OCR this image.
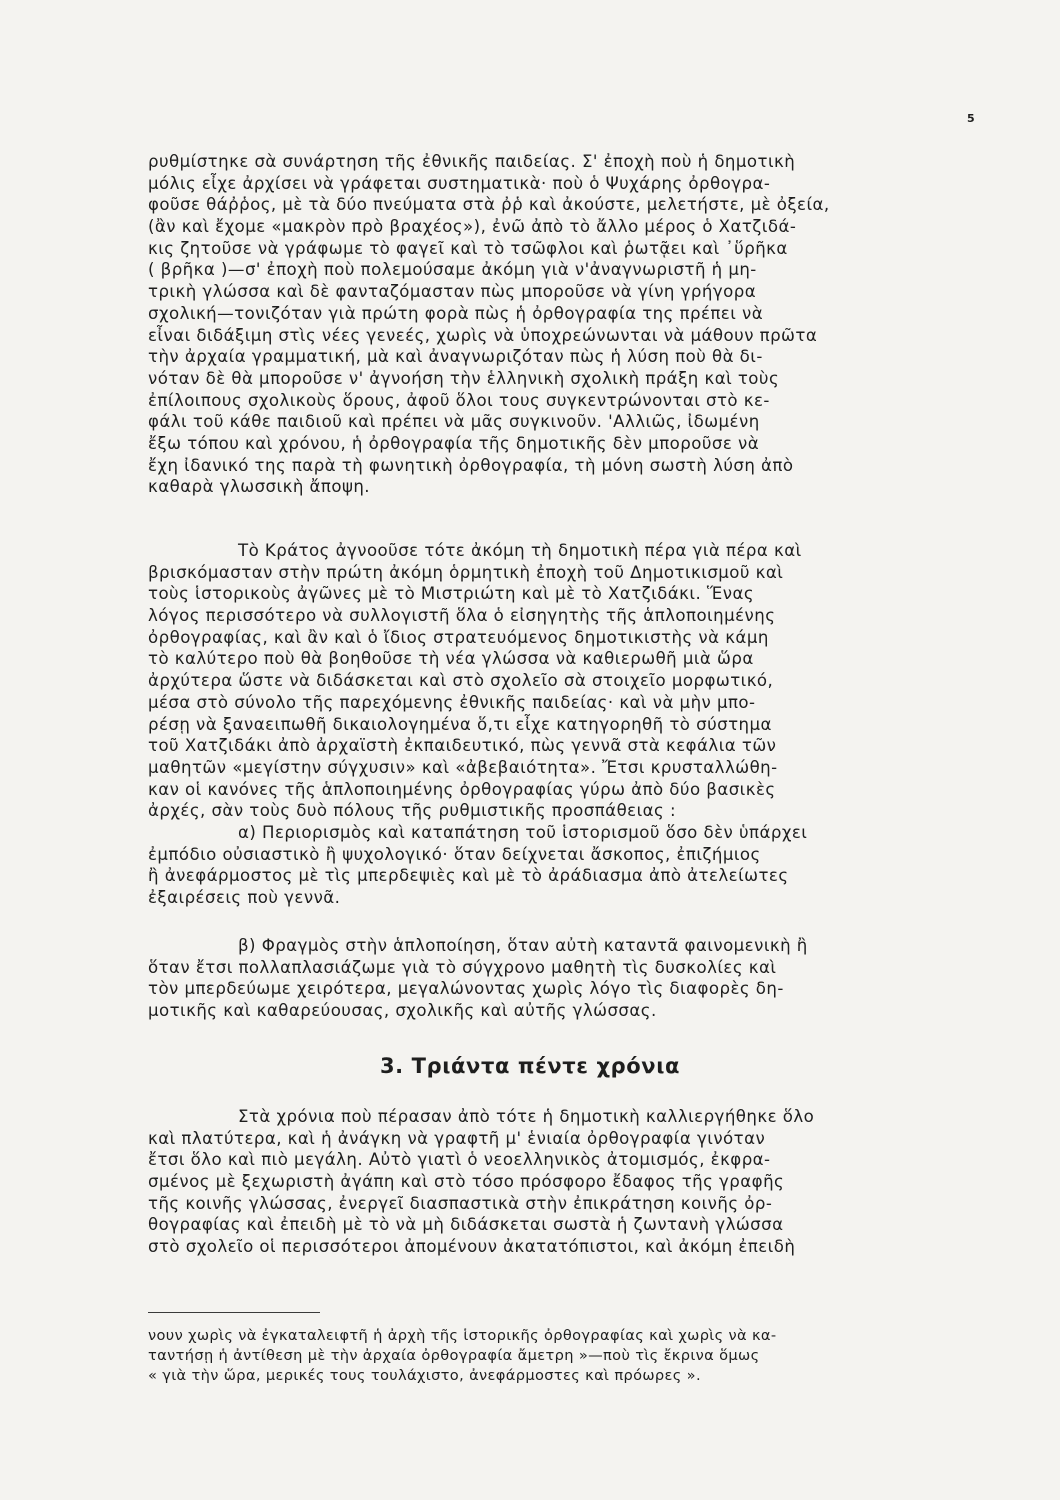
5
ρυθμίστηκε σὰ συνάρτηση τῆς ἐθνικῆς παιδείας. Σ' ἐποχὴ ποὺ ἡ δημοτικὴ
μόλις εἶχε ἀρχίσει νὰ γράφεται συστηματικὰ· ποὺ ὁ Ψυχάρης ὀρθογρα-
φοῦσε θάῤῥος, μὲ τὰ δύο πνεύματα στὰ ῤῥ καὶ ἀκούστε, μελετήστε, μὲ ὀξεία,
(ἂν καὶ ἔχομε «μακρὸν πρὸ βραχέος»), ἐνῶ ἀπὸ τὸ ἄλλο μέρος ὁ Χατζιδά-
κις ζητοῦσε νὰ γράφωμε τὸ φαγεῖ καὶ τὸ τσῶφλοι καὶ ῥωτᾷει καὶ ᾿ὕρῆκα
( βρῆκα )—σ' ἐποχὴ ποὺ πολεμούσαμε ἀκόμη γιὰ ν'ἀναγνωριστῆ ἡ μη-
τρικὴ γλώσσα καὶ δὲ φανταζόμασταν πὼς μποροῦσε νὰ γίνη γρήγορα
σχολική—τονιζόταν γιὰ πρώτη φορὰ πὼς ἡ ὀρθογραφία της πρέπει νὰ
εἶναι διδάξιμη στὶς νέες γενεές, χωρὶς νὰ ὑποχρεώνωνται νὰ μάθουν πρῶτα
τὴν ἀρχαία γραμματική, μὰ καὶ ἀναγνωριζόταν πὼς ἡ λύση ποὺ θὰ δι-
νόταν δὲ θὰ μποροῦσε ν' ἀγνοήση τὴν ἑλληνικὴ σχολικὴ πράξη καὶ τοὺς
ἐπίλοιπους σχολικοὺς ὅρους, ἀφοῦ ὅλοι τους συγκεντρώνονται στὸ κε-
φάλι τοῦ κάθε παιδιοῦ καὶ πρέπει νὰ μᾶς συγκινοῦν. 'Αλλιῶς, ἰδωμένη
ἔξω τόπου καὶ χρόνου, ἡ ὀρθογραφία τῆς δημοτικῆς δὲν μποροῦσε νὰ
ἔχη ἰδανικό της παρὰ τὴ φωνητικὴ ὀρθογραφία, τὴ μόνη σωστὴ λύση ἀπὸ
καθαρὰ γλωσσικὴ ἄποψη.
Τὸ Κράτος ἀγνοοῦσε τότε ἀκόμη τὴ δημοτικὴ πέρα γιὰ πέρα καὶ
βρισκόμασταν στὴν πρώτη ἀκόμη ὁρμητικὴ ἐποχὴ τοῦ Δημοτικισμοῦ καὶ
τοὺς ἱστορικοὺς ἀγῶνες μὲ τὸ Μιστριώτη καὶ μὲ τὸ Χατζιδάκι. Ἕνας
λόγος περισσότερο νὰ συλλογιστῆ ὅλα ὁ εἰσηγητὴς τῆς ἁπλοποιημένης
ὀρθογραφίας, καὶ ἂν καὶ ὁ ἴδιος στρατευόμενος δημοτικιστὴς νὰ κάμη
τὸ καλύτερο ποὺ θὰ βοηθοῦσε τὴ νέα γλώσσα νὰ καθιερωθῆ μιὰ ὥρα
ἀρχύτερα ὥστε νὰ διδάσκεται καὶ στὸ σχολεῖο σὰ στοιχεῖο μορφωτικό,
μέσα στὸ σύνολο τῆς παρεχόμενης ἐθνικῆς παιδείας· καὶ νὰ μὴν μπο-
ρέσῃ νὰ ξαναειπωθῆ δικαιολογημένα ὅ,τι εἶχε κατηγορηθῆ τὸ σύστημα
τοῦ Χατζιδάκι ἀπὸ ἀρχαϊστὴ ἐκπαιδευτικό, πὼς γεννᾶ στὰ κεφάλια τῶν
μαθητῶν «μεγίστην σύγχυσιν» καὶ «ἀβεβαιότητα». Ἔτσι κρυσταλλώθη-
καν οἱ κανόνες τῆς ἁπλοποιημένης ὀρθογραφίας γύρω ἀπὸ δύο βασικὲς
ἀρχές, σὰν τοὺς δυὸ πόλους τῆς ρυθμιστικῆς προσπάθειας :
α) Περιορισμὸς καὶ καταπάτηση τοῦ ἱστορισμοῦ ὅσο δὲν ὑπάρχει
ἐμπόδιο οὐσιαστικὸ ἢ ψυχολογικό· ὅταν δείχνεται ἄσκοπος, ἐπιζήμιος
ἢ ἀνεφάρμοστος μὲ τὶς μπερδεψιὲς καὶ μὲ τὸ ἀράδιασμα ἀπὸ ἀτελείωτες
ἐξαιρέσεις ποὺ γεννᾶ.
β) Φραγμὸς στὴν ἁπλοποίηση, ὅταν αὐτὴ καταντᾶ φαινομενικὴ ἢ
ὅταν ἔτσι πολλαπλασιάζωμε γιὰ τὸ σύγχρονο μαθητὴ τὶς δυσκολίες καὶ
τὸν μπερδεύωμε χειρότερα, μεγαλώνοντας χωρὶς λόγο τὶς διαφορὲς δη-
μοτικῆς καὶ καθαρεύουσας, σχολικῆς καὶ αὐτῆς γλώσσας.
3. Τριάντα πέντε χρόνια
Στὰ χρόνια ποὺ πέρασαν ἀπὸ τότε ἡ δημοτικὴ καλλιεργήθηκε ὅλο
καὶ πλατύτερα, καὶ ἡ ἀνάγκη νὰ γραφτῆ μ' ἑνιαία ὀρθογραφία γινόταν
ἔτσι ὅλο καὶ πιὸ μεγάλη. Αὐτὸ γιατὶ ὁ νεοελληνικὸς ἀτομισμός, ἐκφρα-
σμένος μὲ ξεχωριστὴ ἀγάπη καὶ στὸ τόσο πρόσφορο ἔδαφος τῆς γραφῆς
τῆς κοινῆς γλώσσας, ἐνεργεῖ διασπαστικὰ στὴν ἐπικράτηση κοινῆς ὀρ-
θογραφίας καὶ ἐπειδὴ μὲ τὸ νὰ μὴ διδάσκεται σωστὰ ἡ ζωντανὴ γλώσσα
στὸ σχολεῖο οἱ περισσότεροι ἀπομένουν ἀκατατόπιστοι, καὶ ἀκόμη ἐπειδὴ
νουν χωρὶς νὰ ἐγκαταλειφτῆ ἡ ἀρχὴ τῆς ἱστορικῆς ὀρθογραφίας καὶ χωρὶς νὰ κα-
ταντήσῃ ἡ ἀντίθεση μὲ τὴν ἀρχαία ὀρθογραφία ἄμετρη »—ποὺ τὶς ἔκρινα ὅμως
« γιὰ τὴν ὥρα, μερικές τους τουλάχιστο, ἀνεφάρμοστες καὶ πρόωρες ».
